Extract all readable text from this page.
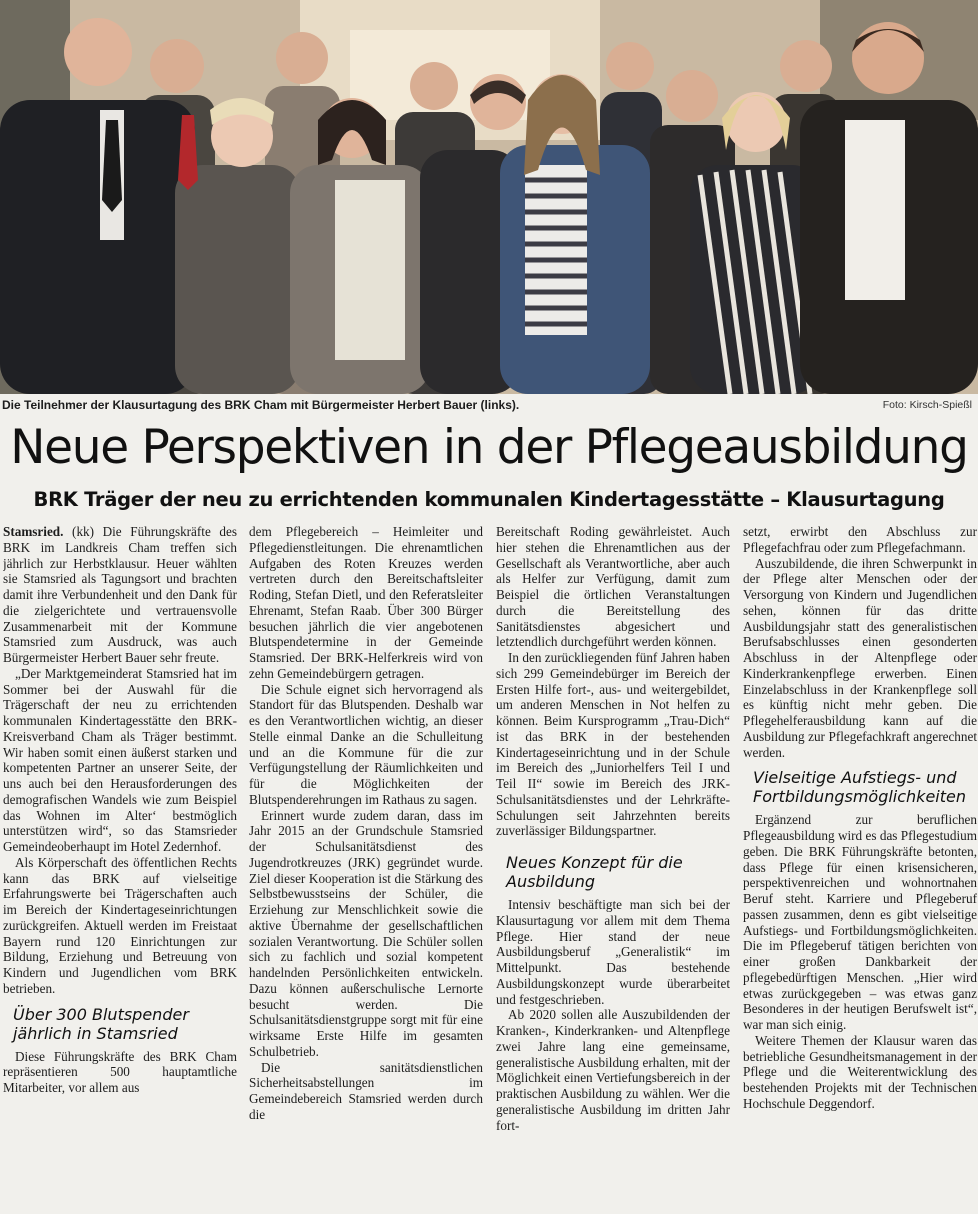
Die Teilnehmer der Klausurtagung des BRK Cham mit Bürgermeister Herbert Bauer (links).	Foto: Kirsch-Spießl
Neue Perspektiven in der Pflegeausbildung
BRK Träger der neu zu errichtenden kommunalen Kindertagesstätte – Klausurtagung

Stamsried. (kk) Die Führungskräfte des BRK im Landkreis Cham treffen sich jährlich zur Herbstklausur. Heuer wählten sie Stamsried als Tagungsort und brachten damit ihre Verbundenheit und den Dank für die zielgerichtete und vertrauensvolle Zusammenarbeit mit der Kommune Stamsried zum Ausdruck, was auch Bürgermeister Herbert Bauer sehr freute.

„Der Marktgemeinderat Stamsried hat im Sommer bei der Auswahl für die Trägerschaft der neu zu errichtenden kommunalen Kindertagesstätte den BRK-Kreisverband Cham als Träger bestimmt. Wir haben somit einen äußerst starken und kompetenten Partner an unserer Seite, der uns auch bei den Herausforderungen des demografischen Wandels wie zum Beispiel das Wohnen im Alter‘ bestmöglich unterstützen wird“, so das Stamsrieder Gemeindeoberhaupt im Hotel Zedernhof.

Als Körperschaft des öffentlichen Rechts kann das BRK auf vielseitige Erfahrungswerte bei Trägerschaften auch im Bereich der Kindertageseinrichtungen zurückgreifen. Aktuell werden im Freistaat Bayern rund 120 Einrichtungen zur Bildung, Erziehung und Betreuung von Kindern und Jugendlichen vom BRK betrieben.

Über 300 Blutspender jährlich in Stamsried

Diese Führungskräfte des BRK Cham repräsentieren 500 hauptamtliche Mitarbeiter, vor allem aus

dem Pflegebereich – Heimleiter und Pflegedienstleitungen. Die ehrenamtlichen Aufgaben des Roten Kreuzes werden vertreten durch den Bereitschaftsleiter Roding, Stefan Dietl, und den Referatsleiter Ehrenamt, Stefan Raab. Über 300 Bürger besuchen jährlich die vier angebotenen Blutspendetermine in der Gemeinde Stamsried. Der BRK-Helferkreis wird von zehn Gemeindebürgern getragen.

Die Schule eignet sich hervorragend als Standort für das Blutspenden. Deshalb war es den Verantwortlichen wichtig, an dieser Stelle einmal Danke an die Schulleitung und an die Kommune für die zur Verfügungstellung der Räumlichkeiten und für die Möglichkeiten der Blutspenderehrungen im Rathaus zu sagen.

Erinnert wurde zudem daran, dass im Jahr 2015 an der Grundschule Stamsried der Schulsanitätsdienst des Jugendrotkreuzes (JRK) gegründet wurde. Ziel dieser Kooperation ist die Stärkung des Selbstbewusstseins der Schüler, die Erziehung zur Menschlichkeit sowie die aktive Übernahme der gesellschaftlichen sozialen Verantwortung. Die Schüler sollen sich zu fachlich und sozial kompetent handelnden Persönlichkeiten entwickeln. Dazu können außerschulische Lernorte besucht werden. Die Schulsanitätsdienstgruppe sorgt mit für eine wirksame Erste Hilfe im gesamten Schulbetrieb.

Die sanitätsdienstlichen Sicherheitsabstellungen im Gemeindebereich Stamsried werden durch die

Bereitschaft Roding gewährleistet. Auch hier stehen die Ehrenamtlichen aus der Gesellschaft als Verantwortliche, aber auch als Helfer zur Verfügung, damit zum Beispiel die örtlichen Veranstaltungen durch die Bereitstellung des Sanitätsdienstes abgesichert und letztendlich durchgeführt werden können.

In den zurückliegenden fünf Jahren haben sich 299 Gemeindebürger im Bereich der Ersten Hilfe fort-, aus- und weitergebildet, um anderen Menschen in Not helfen zu können. Beim Kursprogramm „Trau-Dich“ ist das BRK in der bestehenden Kindertageseinrichtung und in der Schule im Bereich des „Juniorhelfers Teil I und Teil II“ sowie im Bereich des JRK-Schulsanitätsdienstes und der Lehrkräfte-Schulungen seit Jahrzehnten bereits zuverlässiger Bildungspartner.

Neues Konzept für die Ausbildung

Intensiv beschäftigte man sich bei der Klausurtagung vor allem mit dem Thema Pflege. Hier stand der neue Ausbildungsberuf „Generalistik“ im Mittelpunkt. Das bestehende Ausbildungskonzept wurde überarbeitet und festgeschrieben.

Ab 2020 sollen alle Auszubildenden der Kranken-, Kinderkranken- und Altenpflege zwei Jahre lang eine gemeinsame, generalistische Ausbildung erhalten, mit der Möglichkeit einen Vertiefungsbereich in der praktischen Ausbildung zu wählen. Wer die generalistische Ausbildung im dritten Jahr fort-

setzt, erwirbt den Abschluss zur Pflegefachfrau oder zum Pflegefachmann.

Auszubildende, die ihren Schwerpunkt in der Pflege alter Menschen oder der Versorgung von Kindern und Jugendlichen sehen, können für das dritte Ausbildungsjahr statt des generalistischen Berufsabschlusses einen gesonderten Abschluss in der Altenpflege oder Kinderkrankenpflege erwerben. Einen Einzelabschluss in der Krankenpflege soll es künftig nicht mehr geben. Die Pflegehelferausbildung kann auf die Ausbildung zur Pflegefachkraft angerechnet werden.

Vielseitige Aufstiegs- und Fortbildungsmöglichkeiten

Ergänzend zur beruflichen Pflegeausbildung wird es das Pflegestudium geben. Die BRK Führungskräfte betonten, dass Pflege für einen krisensicheren, perspektivenreichen und wohnortnahen Beruf steht. Karriere und Pflegeberuf passen zusammen, denn es gibt vielseitige Aufstiegs- und Fortbildungsmöglichkeiten. Die im Pflegeberuf tätigen berichten von einer großen Dankbarkeit der pflegebedürftigen Menschen. „Hier wird etwas zurückgegeben – was etwas ganz Besonderes in der heutigen Berufswelt ist“, war man sich einig.

Weitere Themen der Klausur waren das betriebliche Gesundheitsmanagement in der Pflege und die Weiterentwicklung des bestehenden Projekts mit der Technischen Hochschule Deggendorf.
